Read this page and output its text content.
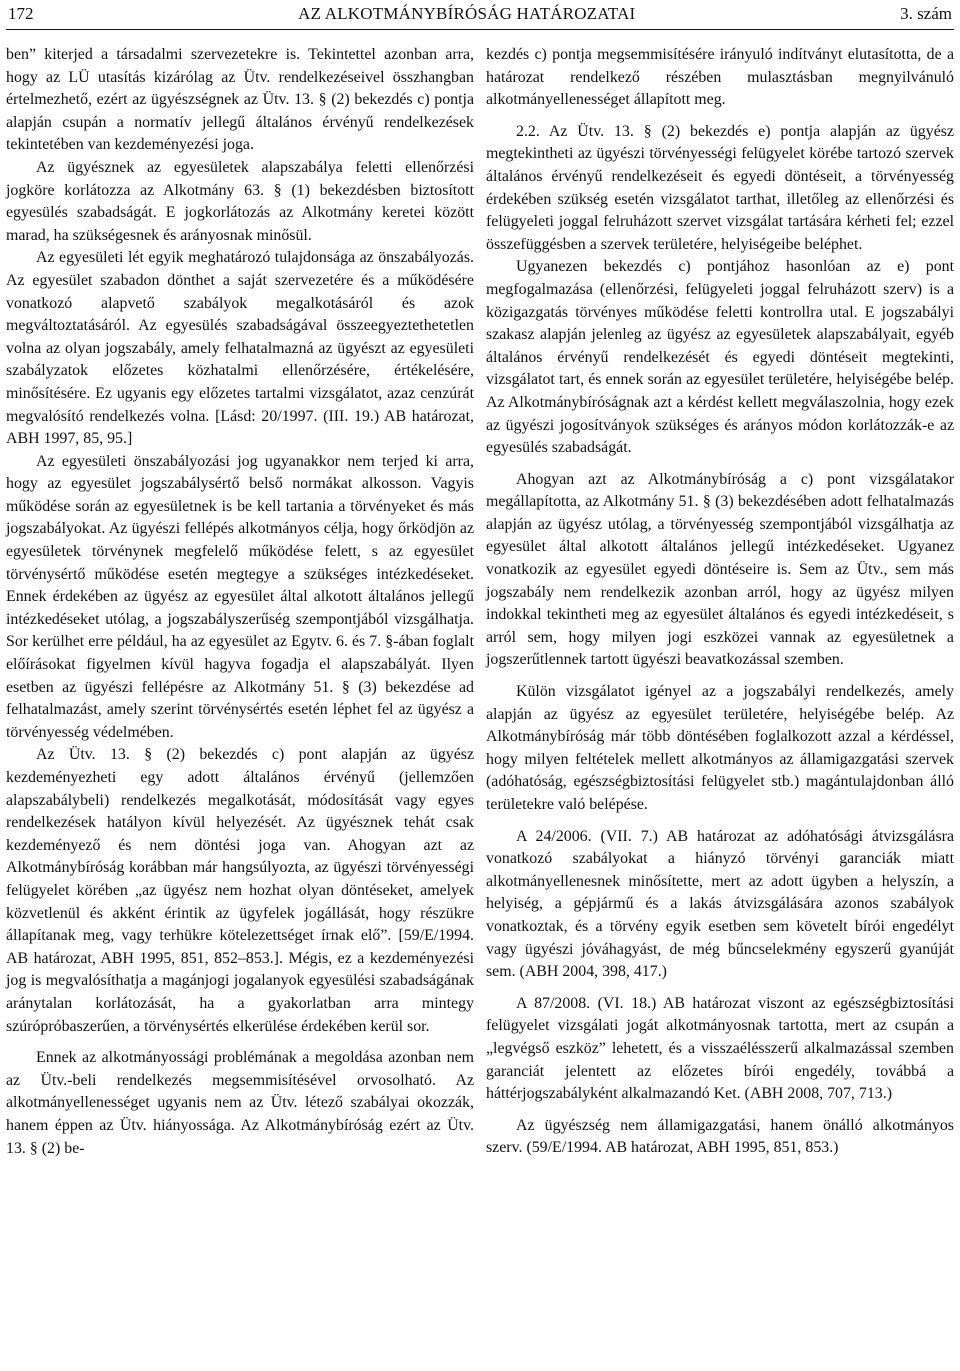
172	AZ ALKOTMÁNYBÍRÓSÁG HATÁROZATAI	3. szám

ben” kiterjed a társadalmi szervezetekre is. Tekintettel azonban arra, hogy az LÜ utasítás kizárólag az Ütv. rendelkezéseivel összhangban értelmezhető, ezért az ügyészségnek az Ütv. 13. § (2) bekezdés c) pontja alapján csupán a normatív jellegű általános érvényű rendelkezések tekintetében van kezdeményezési joga.

Az ügyésznek az egyesületek alapszabálya feletti ellenőrzési jogköre korlátozza az Alkotmány 63. § (1) bekezdésben biztosított egyesülés szabadságát. E jogkorlátozás az Alkotmány keretei között marad, ha szükségesnek és arányosnak minősül.

Az egyesületi lét egyik meghatározó tulajdonsága az önszabályozás. Az egyesület szabadon dönthet a saját szervezetére és a működésére vonatkozó alapvető szabályok megalkotásáról és azok megváltoztatásáról. Az egyesülés szabadságával összeegyeztethetetlen volna az olyan jogszabály, amely felhatalmazná az ügyészt az egyesületi szabályzatok előzetes közhatalmi ellenőrzésére, értékelésére, minősítésére. Ez ugyanis egy előzetes tartalmi vizsgálatot, azaz cenzúrát megvalósító rendelkezés volna. [Lásd: 20/1997. (III. 19.) AB határozat, ABH 1997, 85, 95.]

Az egyesületi önszabályozási jog ugyanakkor nem terjed ki arra, hogy az egyesület jogszabálysértő belső normákat alkosson. Vagyis működése során az egyesületnek is be kell tartania a törvényeket és más jogszabályokat. Az ügyészi fellépés alkotmányos célja, hogy őrködjön az egyesületek törvénynek megfelelő működése felett, s az egyesület törvénysértő működése esetén megtegye a szükséges intézkedéseket. Ennek érdekében az ügyész az egyesület által alkotott általános jellegű intézkedéseket utólag, a jogszabályszerűség szempontjából vizsgálhatja. Sor kerülhet erre például, ha az egyesület az Egytv. 6. és 7. §-ában foglalt előírásokat figyelmen kívül hagyva fogadja el alapszabályát. Ilyen esetben az ügyészi fellépésre az Alkotmány 51. § (3) bekezdése ad felhatalmazást, amely szerint törvénysértés esetén léphet fel az ügyész a törvényesség védelmében.

Az Ütv. 13. § (2) bekezdés c) pont alapján az ügyész kezdeményezheti egy adott általános érvényű (jellemzően alapszabálybeli) rendelkezés megalkotását, módosítását vagy egyes rendelkezések hatályon kívül helyezését. Az ügyésznek tehát csak kezdeményező és nem döntési joga van. Ahogyan azt az Alkotmánybíróság korábban már hangsúlyozta, az ügyészi törvényességi felügyelet körében „az ügyész nem hozhat olyan döntéseket, amelyek közvetlenül és akként érintik az ügyfelek jogállását, hogy részükre állapítanak meg, vagy terhükre kötelezettséget írnak elő”. [59/E/1994. AB határozat, ABH 1995, 851, 852–853.]. Mégis, ez a kezdeményezési jog is megvalósíthatja a magánjogi jogalanyok egyesülési szabadságának aránytalan korlátozását, ha a gyakorlatban arra mintegy szúrópróbaszerűen, a törvénysértés elkerülése érdekében kerül sor.

Ennek az alkotmányossági problémának a megoldása azonban nem az Ütv.-beli rendelkezés megsemmisítésével orvosolható. Az alkotmányellenességet ugyanis nem az Ütv. létező szabályai okozzák, hanem éppen az Ütv. hiányossága. Az Alkotmánybíróság ezért az Ütv. 13. § (2) be-

kezdés c) pontja megsemmisítésére irányuló indítványt elutasította, de a határozat rendelkező részében mulasztásban megnyilvánuló alkotmányellenességet állapított meg.

2.2. Az Ütv. 13. § (2) bekezdés e) pontja alapján az ügyész megtekintheti az ügyészi törvényességi felügyelet körébe tartozó szervek általános érvényű rendelkezéseit és egyedi döntéseit, a törvényesség érdekében szükség esetén vizsgálatot tarthat, illetőleg az ellenőrzési és felügyeleti joggal felruházott szervet vizsgálat tartására kérheti fel; ezzel összefüggésben a szervek területére, helyiségeibe beléphet.

Ugyanezen bekezdés c) pontjához hasonlóan az e) pont megfogalmazása (ellenőrzési, felügyeleti joggal felruházott szerv) is a közigazgatás törvényes működése feletti kontrollra utal. E jogszabályi szakasz alapján jelenleg az ügyész az egyesületek alapszabályait, egyéb általános érvényű rendelkezését és egyedi döntéseit megtekinti, vizsgálatot tart, és ennek során az egyesület területére, helyiségébe belép. Az Alkotmánybíróságnak azt a kérdést kellett megválaszolnia, hogy ezek az ügyészi jogosítványok szükséges és arányos módon korlátozzák-e az egyesülés szabadságát.

Ahogyan azt az Alkotmánybíróság a c) pont vizsgálatakor megállapította, az Alkotmány 51. § (3) bekezdésében adott felhatalmazás alapján az ügyész utólag, a törvényesség szempontjából vizsgálhatja az egyesület által alkotott általános jellegű intézkedéseket. Ugyanez vonatkozik az egyesület egyedi döntéseire is. Sem az Ütv., sem más jogszabály nem rendelkezik azonban arról, hogy az ügyész milyen indokkal tekintheti meg az egyesület általános és egyedi intézkedéseit, s arról sem, hogy milyen jogi eszközei vannak az egyesületnek a jogszerűtlennek tartott ügyészi beavatkozással szemben.

Külön vizsgálatot igényel az a jogszabályi rendelkezés, amely alapján az ügyész az egyesület területére, helyiségébe belép. Az Alkotmánybíróság már több döntésében foglalkozott azzal a kérdéssel, hogy milyen feltételek mellett alkotmányos az államigazgatási szervek (adóhatóság, egészségbiztosítási felügyelet stb.) magántulajdonban álló területekre való belépése.

A 24/2006. (VII. 7.) AB határozat az adóhatósági átvizsgálásra vonatkozó szabályokat a hiányzó törvényi garanciák miatt alkotmányellenesnek minősítette, mert az adott ügyben a helyszín, a helyiség, a gépjármű és a lakás átvizsgálására azonos szabályok vonatkoztak, és a törvény egyik esetben sem követelt bírói engedélyt vagy ügyészi jóváhagyást, de még bűncselekmény egyszerű gyanúját sem. (ABH 2004, 398, 417.)

A 87/2008. (VI. 18.) AB határozat viszont az egészségbiztosítási felügyelet vizsgálati jogát alkotmányosnak tartotta, mert az csupán a „legvégső eszköz” lehetett, és a visszaélésszerű alkalmazással szemben garanciát jelentett az előzetes bírói engedély, továbbá a háttérjogszabályként alkalmazandó Ket. (ABH 2008, 707, 713.)

Az ügyészség nem államigazgatási, hanem önálló alkotmányos szerv. (59/E/1994. AB határozat, ABH 1995, 851, 853.)
